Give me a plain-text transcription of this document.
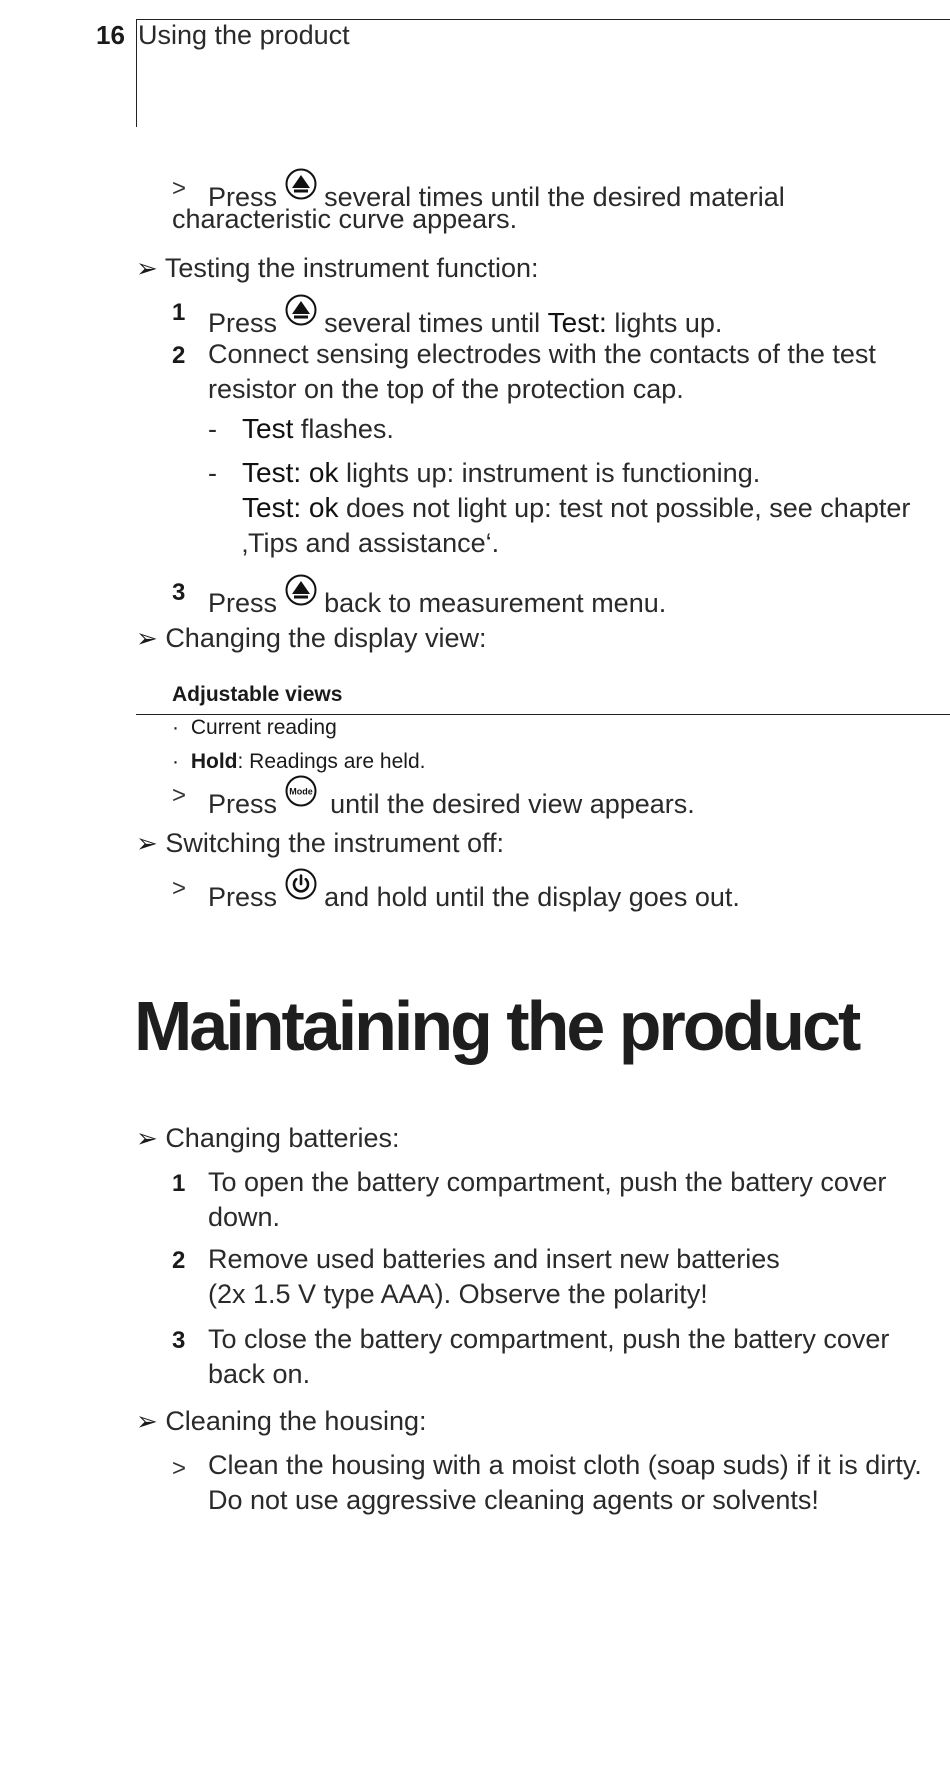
16 Using the product
> Press several times until the desired material
characteristic curve appears.
➢ Testing the instrument function:
1 Press several times until Test: lights up.
2 Connect sensing electrodes with the contacts of the test
resistor on the top of the protection cap.
- Test flashes.
- Test: ok lights up: instrument is functioning.
Test: ok does not light up: test not possible, see chapter
‚Tips and assistance‘.
3 Press back to measurement menu.
➢ Changing the display view:
Adjustable views
· Current reading
· Hold: Readings are held.
> Press Mode until the desired view appears.
➢ Switching the instrument off:
> Press and hold until the display goes out.
Maintaining the product
➢ Changing batteries:
1 To open the battery compartment, push the battery cover
down.
2 Remove used batteries and insert new batteries
(2x 1.5 V type AAA). Observe the polarity!
3 To close the battery compartment, push the battery cover
back on.
➢ Cleaning the housing:
> Clean the housing with a moist cloth (soap suds) if it is dirty.
Do not use aggressive cleaning agents or solvents!
